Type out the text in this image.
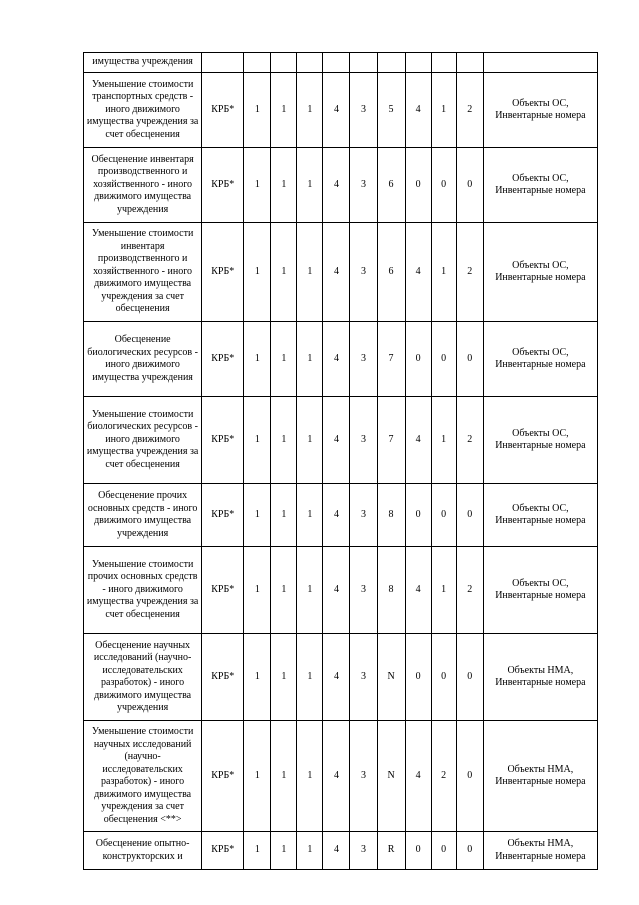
имущества учреждения											
Уменьшение стоимости транспортных средств - иного движимого имущества учреждения за счет обесценения	КРБ*	1	1	1	4	3	5	4	1	2	Объекты ОС, Инвентарные номера
Обесценение инвентаря производственного и хозяйственного - иного движимого имущества учреждения	КРБ*	1	1	1	4	3	6	0	0	0	Объекты ОС, Инвентарные номера
Уменьшение стоимости инвентаря производственного и хозяйственного - иного движимого имущества учреждения за счет обесценения	КРБ*	1	1	1	4	3	6	4	1	2	Объекты ОС, Инвентарные номера
Обесценение биологических ресурсов - иного движимого имущества учреждения	КРБ*	1	1	1	4	3	7	0	0	0	Объекты ОС, Инвентарные номера
Уменьшение стоимости биологических ресурсов - иного движимого имущества учреждения за счет обесценения	КРБ*	1	1	1	4	3	7	4	1	2	Объекты ОС, Инвентарные номера
Обесценение прочих основных средств - иного движимого имущества учреждения	КРБ*	1	1	1	4	3	8	0	0	0	Объекты ОС, Инвентарные номера
Уменьшение стоимости прочих основных средств - иного движимого имущества учреждения за счет обесценения	КРБ*	1	1	1	4	3	8	4	1	2	Объекты ОС, Инвентарные номера
Обесценение научных исследований (научно-исследовательских разработок) - иного движимого имущества учреждения	КРБ*	1	1	1	4	3	N	0	0	0	Объекты НМА, Инвентарные номера
Уменьшение стоимости научных исследований (научно-исследовательских разработок) - иного движимого имущества учреждения за счет обесценения <**>	КРБ*	1	1	1	4	3	N	4	2	0	Объекты НМА, Инвентарные номера
Обесценение опытно-конструкторских и	КРБ*	1	1	1	4	3	R	0	0	0	Объекты НМА, Инвентарные номера
